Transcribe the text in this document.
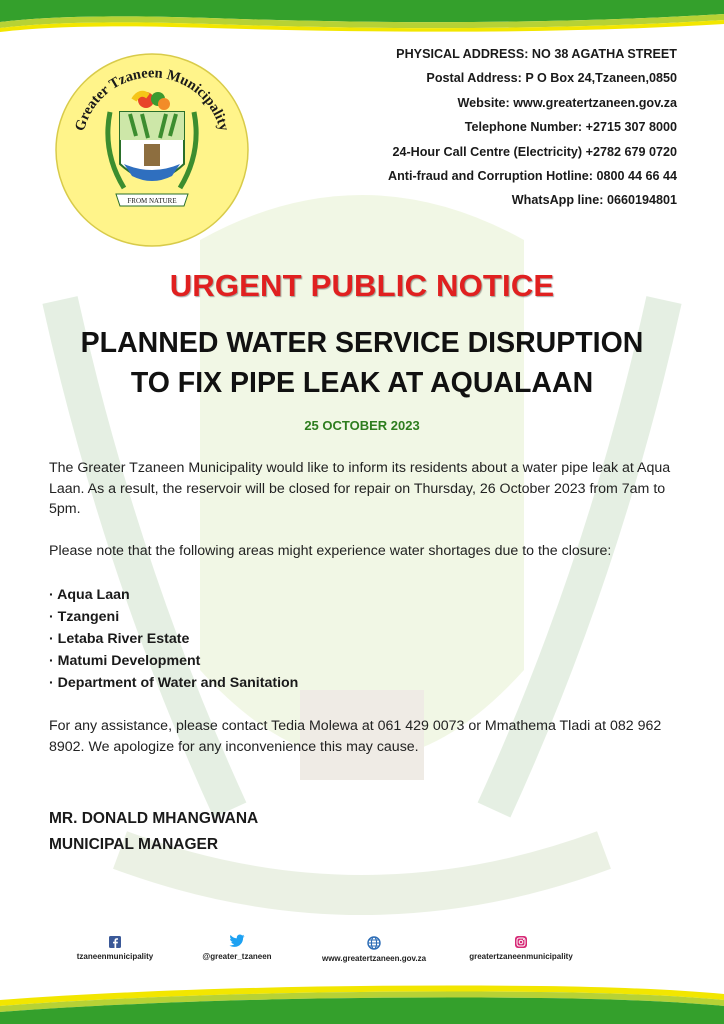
Greater Tzaneen Municipality
FROM NATURE
PHYSICAL ADDRESS: NO 38 AGATHA STREET
Postal Address: P O Box 24,Tzaneen,0850
Website: www.greatertzaneen.gov.za
Telephone Number: +2715 307 8000
24-Hour Call Centre (Electricity) +2782 679 0720
Anti-fraud and Corruption Hotline: 0800 44 66 44
WhatsApp line: 0660194801
URGENT PUBLIC NOTICE
PLANNED WATER SERVICE DISRUPTION
TO FIX PIPE LEAK AT AQUALAAN
25 OCTOBER 2023
The Greater Tzaneen Municipality would like to inform its residents about a water pipe leak at Aqua Laan. As a result, the reservoir will be closed for repair on Thursday, 26 October 2023 from 7am to 5pm.
Please note that the following areas might experience water shortages due to the closure:
· Aqua Laan
· Tzangeni
· Letaba River Estate
· Matumi Development
· Department of Water and Sanitation
For any assistance, please contact Tedia Molewa at 061 429 0073 or Mmathema Tladi at 082 962 8902. We apologize for any inconvenience this may cause.
MR. DONALD MHANGWANA
MUNICIPAL MANAGER
tzaneenmunicipality	@greater_tzaneen	www.greatertzaneen.gov.za	greatertzaneenmunicipality
